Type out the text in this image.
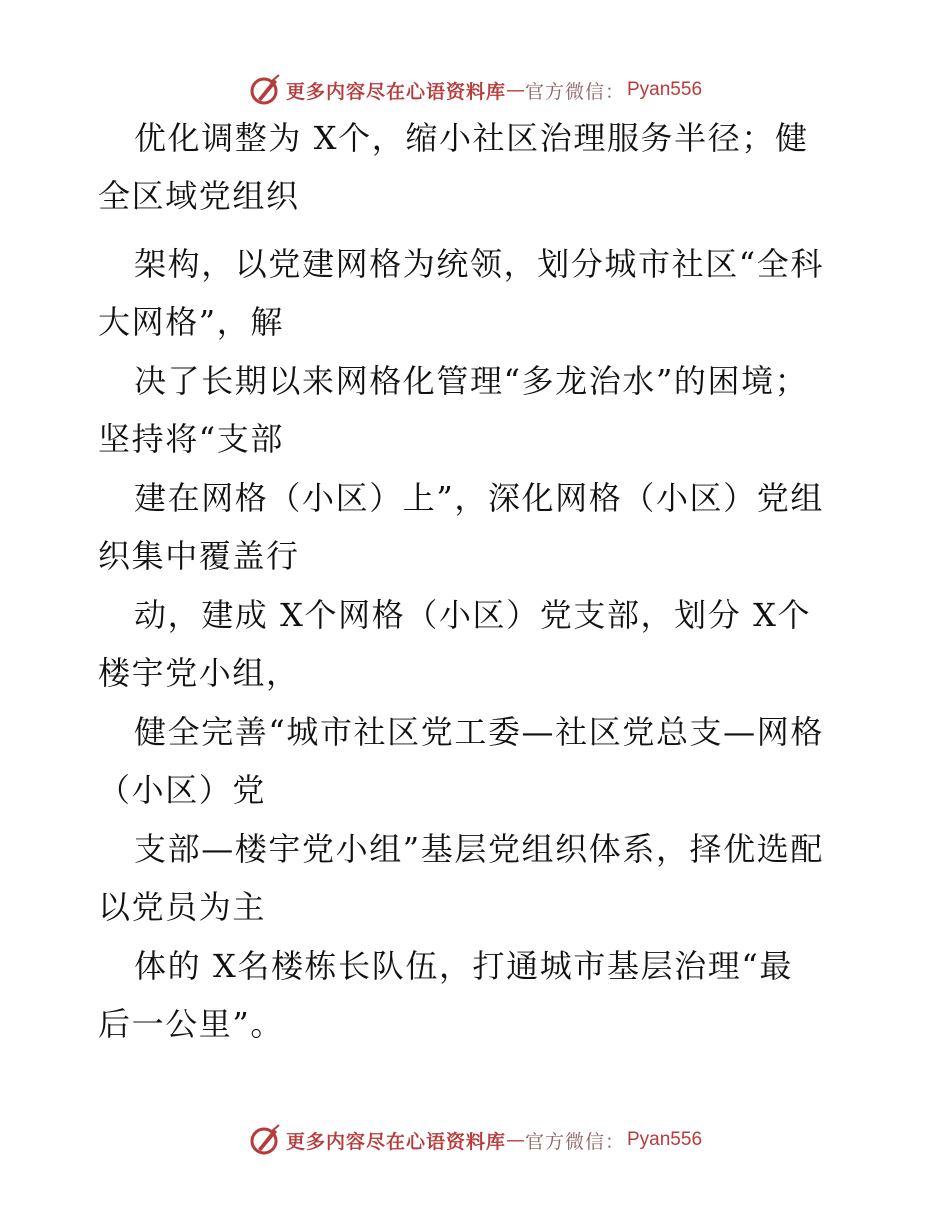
更多内容尽在心语资料库 — 官方微信： Pyan556
优化调整为 X个，缩小社区治理服务半径；健
全区域党组织
架构，以党建网格为统领，划分城市社区“全科
大网格”，解
决了长期以来网格化管理“多龙治水”的困境；
坚持将“支部
建在网格（小区）上”，深化网格（小区）党组
织集中覆盖行
动，建成 X个网格（小区）党支部，划分 X个
楼宇党小组，
健全完善“城市社区党工委—社区党总支—网格
（小区）党
支部—楼宇党小组”基层党组织体系，择优选配
以党员为主
体的 X名楼栋长队伍，打通城市基层治理“最
后一公里”。
更多内容尽在心语资料库 — 官方微信： Pyan556
